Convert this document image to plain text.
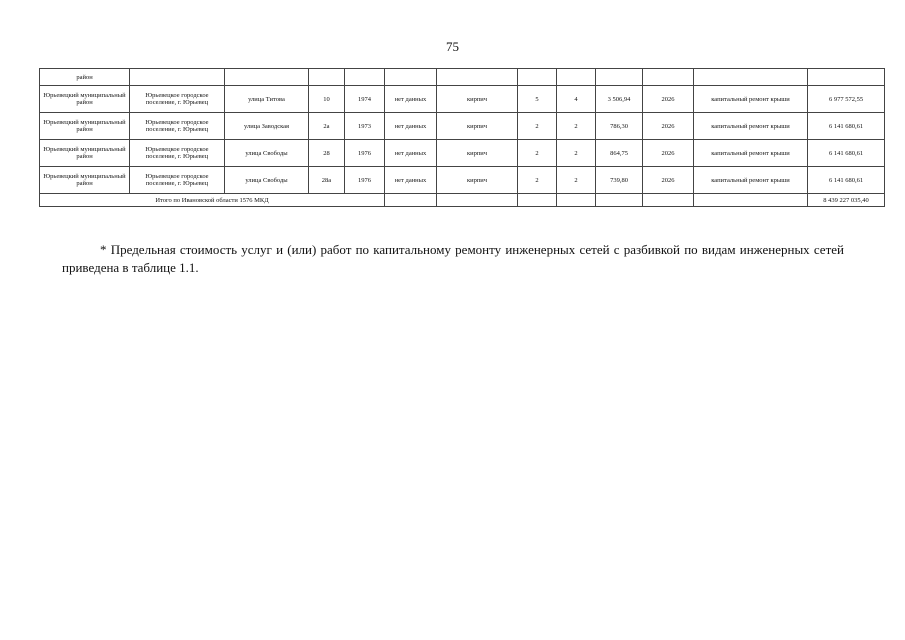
75
район												
Юрьевецкий муниципальный район	Юрьевецкое городское поселение, г. Юрьевец	улица Титова	10	1974	нет данных	кирпич	5	4	3 506,94	2026	капитальный ремонт крыши	6 977 572,55
Юрьевецкий муниципальный район	Юрьевецкое городское поселение, г. Юрьевец	улица Заводская	2а	1973	нет данных	кирпич	2	2	786,30	2026	капитальный ремонт крыши	6 141 680,61
Юрьевецкий муниципальный район	Юрьевецкое городское поселение, г. Юрьевец	улица Свободы	28	1976	нет данных	кирпич	2	2	864,75	2026	капитальный ремонт крыши	6 141 680,61
Юрьевецкий муниципальный район	Юрьевецкое городское поселение, г. Юрьевец	улица Свободы	28а	1976	нет данных	кирпич	2	2	739,80	2026	капитальный ремонт крыши	6 141 680,61
Итого по Ивановской области 1576 МКД												8 439 227 035,40

* Предельная стоимость услуг и (или) работ по капитальному ремонту инженерных сетей с разбивкой по видам инженерных сетей приведена в таблице 1.1.
